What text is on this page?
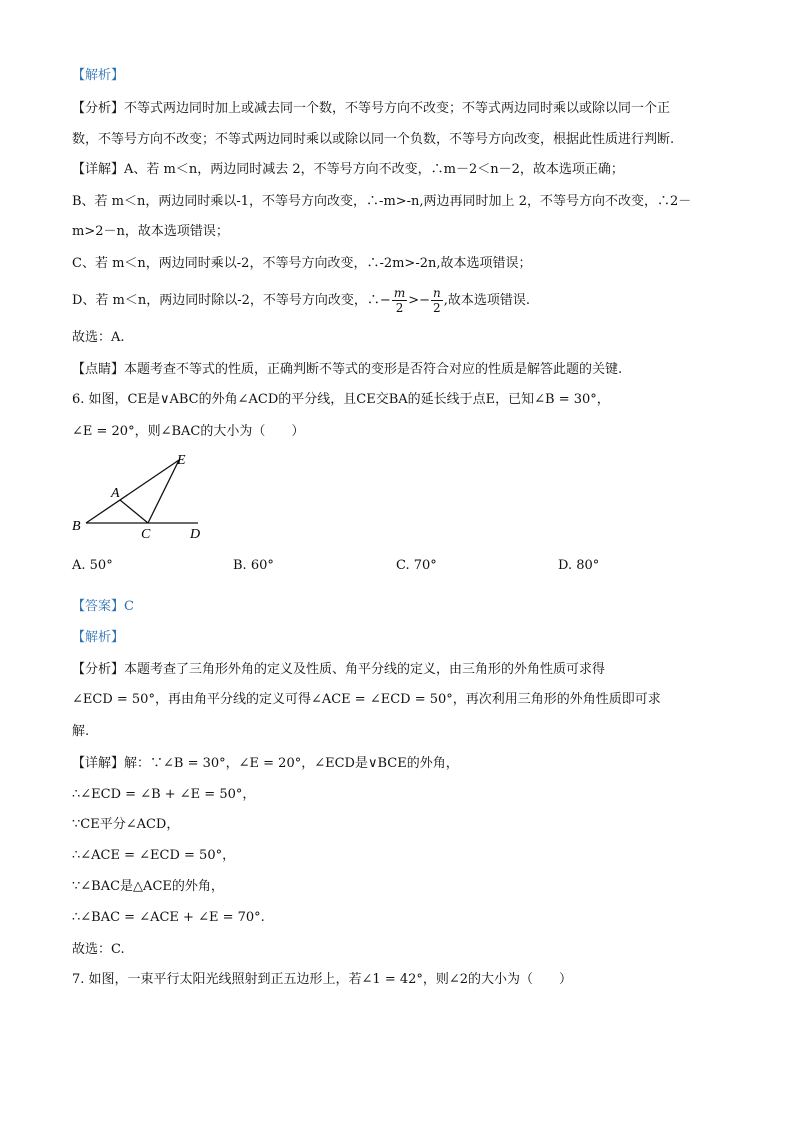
【解析】
【分析】不等式两边同时加上或减去同一个数，不等号方向不改变；不等式两边同时乘以或除以同一个正
数，不等号方向不改变；不等式两边同时乘以或除以同一个负数，不等号方向改变，根据此性质进行判断.
【详解】A、若 m＜n，两边同时减去 2，不等号方向不改变，∴m－2＜n－2，故本选项正确；
B、若 m＜n，两边同时乘以-1，不等号方向改变，∴-m>-n,两边再同时加上 2，不等号方向不改变，∴2－
m>2－n，故本选项错误；
C、若 m＜n，两边同时乘以-2，不等号方向改变，∴-2m>-2n,故本选项错误；
D、若 m＜n，两边同时除以-2，不等号方向改变，∴− $\frac{m}{2} >- \frac{n}{2}$ ,故本选项错误.
故选：A.
【点睛】本题考查不等式的性质，正确判断不等式的变形是否符合对应的性质是解答此题的关键.
6. 如图，CE是∨ABC的外角∠ACD的平分线，且CE交BA的延长线于点E，已知∠B = 30°，
∠E = 20°，则∠BAC的大小为（　　）
E
A
B
C	D
A. 50°	B. 60°	C. 70°	D. 80°
【答案】C
【解析】
【分析】本题考查了三角形外角的定义及性质、角平分线的定义，由三角形的外角性质可求得
∠ECD = 50°，再由角平分线的定义可得∠ACE = ∠ECD = 50°，再次利用三角形的外角性质即可求
解.
【详解】解：∵∠B = 30°，∠E = 20°，∠ECD是∨BCE的外角，
∴∠ECD = ∠B + ∠E = 50°，
∵CE平分∠ACD，
∴∠ACE = ∠ECD = 50°，
∵∠BAC是△ACE的外角，
∴∠BAC = ∠ACE + ∠E = 70°.
故选：C.
7. 如图，一束平行太阳光线照射到正五边形上，若∠1 = 42°，则∠2的大小为（　　）
